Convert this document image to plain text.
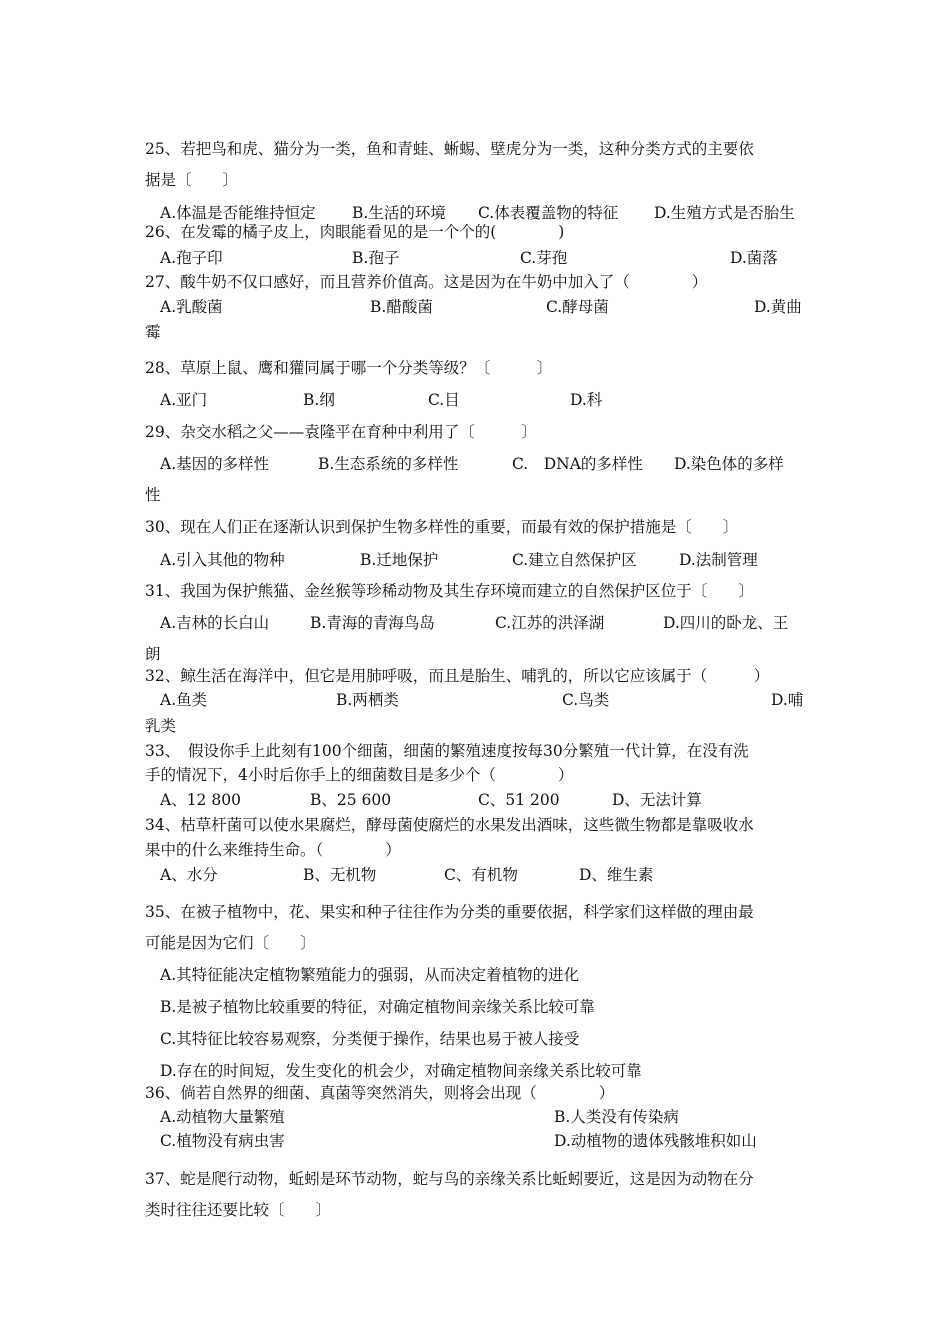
25、若把鸟和虎、猫分为一类，鱼和青蛙、蜥蜴、壁虎分为一类，这种分类方式的主要依
据是〔　　〕
A.体温是否能维持恒定 B.生活的环境 C.体表覆盖物的特征 D.生殖方式是否胎生
26、在发霉的橘子皮上，肉眼能看见的是一个个的(　　　　)
A.孢子印	B.孢子	C.芽孢	D.菌落
27、酸牛奶不仅口感好，而且营养价值高。这是因为在牛奶中加入了（　　　　）
A.乳酸菌	B.醋酸菌	C.酵母菌	D.黄曲
霉
28、草原上鼠、鹰和獾同属于哪一个分类等级？〔　　　〕
A.亚门	B.纲	C.目	D.科
29、杂交水稻之父——袁隆平在育种中利用了〔　　　〕
A.基因的多样性	B.生态系统的多样性	C.　DNA的多样性 D.染色体的多样
性
30、现在人们正在逐渐认识到保护生物多样性的重要，而最有效的保护措施是〔　　〕
A.引入其他的物种	B.迁地保护	C.建立自然保护区	D.法制管理
31、我国为保护熊猫、金丝猴等珍稀动物及其生存环境而建立的自然保护区位于〔　　〕
A.吉林的长白山	B.青海的青海鸟岛	C.江苏的洪泽湖	D.四川的卧龙、王
朗
32、鲸生活在海洋中，但它是用肺呼吸，而且是胎生、哺乳的，所以它应该属于（　　　）
A.鱼类	B.两栖类	C.鸟类	D.哺
乳类
33、　假设你手上此刻有100个细菌，细菌的繁殖速度按每30分繁殖一代计算，在没有洗
手的情况下，4小时后你手上的细菌数目是多少个（　　　　）
A、12 800	B、25 600	C、51 200	D、无法计算
34、枯草杆菌可以使水果腐烂，酵母菌使腐烂的水果发出酒味，这些微生物都是靠吸收水
果中的什么来维持生命。（　　　　）
A、水分	B、无机物	C、有机物	D、维生素
35、在被子植物中，花、果实和种子往往作为分类的重要依据，科学家们这样做的理由最
可能是因为它们〔　　〕
A.其特征能决定植物繁殖能力的强弱，从而决定着植物的进化
B.是被子植物比较重要的特征，对确定植物间亲缘关系比较可靠
C.其特征比较容易观察，分类便于操作，结果也易于被人接受
D.存在的时间短，发生变化的机会少，对确定植物间亲缘关系比较可靠
36、倘若自然界的细菌、真菌等突然消失，则将会出现（　　　　）
A.动植物大量繁殖	B.人类没有传染病
C.植物没有病虫害	D.动植物的遗体残骸堆积如山
37、蛇是爬行动物，蚯蚓是环节动物，蛇与鸟的亲缘关系比蚯蚓要近，这是因为动物在分
类时往往还要比较〔　　〕
